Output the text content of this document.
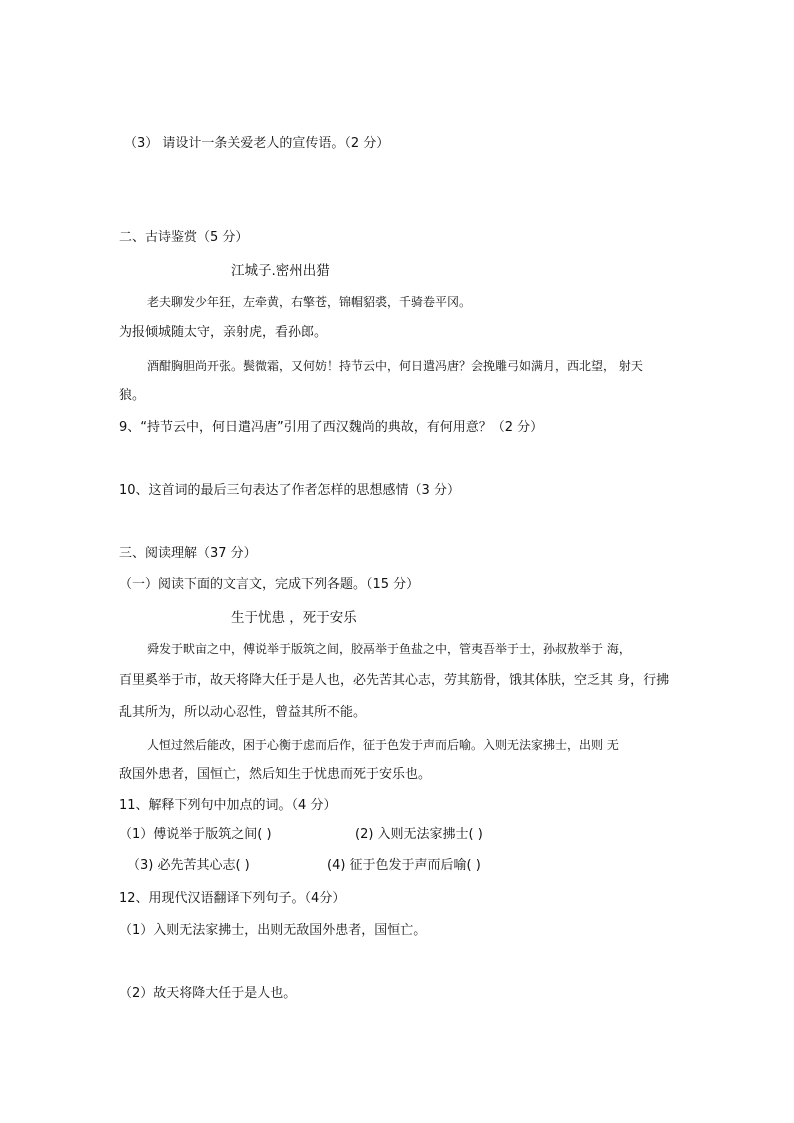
（3） 请设计一条关爱老人的宣传语。（2 分）
二、古诗鉴赏（5 分）
江城子.密州出猎
老夫聊发少年狂，左牵黄，右擎苍，锦帽貂裘，千骑卷平冈。
为报倾城随太守，亲射虎，看孙郎。
酒酣胸胆尚开张。鬓微霜，又何妨！持节云中，何日遣冯唐？会挽雕弓如满月，西北望， 射天
狼。
9、“持节云中，何日遣冯唐”引用了西汉魏尚的典故，有何用意？（2 分）
10、这首词的最后三句表达了作者怎样的思想感情（3 分）
三、阅读理解（37 分）
（一）阅读下面的文言文，完成下列各题。（15 分）
生于忧患 ，死于安乐
舜发于畎亩之中，傅说举于版筑之间，胶鬲举于鱼盐之中，管夷吾举于士，孙叔敖举于 海，
百里奚举于市，故天将降大任于是人也，必先苦其心志，劳其筋骨，饿其体肤，空乏其 身，行拂
乱其所为，所以动心忍性，曾益其所不能。
人恒过然后能改，困于心衡于虑而后作，征于色发于声而后喻。入则无法家拂士，出则 无
敌国外患者，国恒亡，然后知生于忧患而死于安乐也。
11、解释下列句中加点的词。（4 分）
（1）傅说举于版筑之间( )	(2) 入则无法家拂士( )
（3) 必先苦其心志( )	(4) 征于色发于声而后喻( )
12、用现代汉语翻译下列句子。（4分）
（1）入则无法家拂士，出则无敌国外患者，国恒亡。
（2）故天将降大任于是人也。
